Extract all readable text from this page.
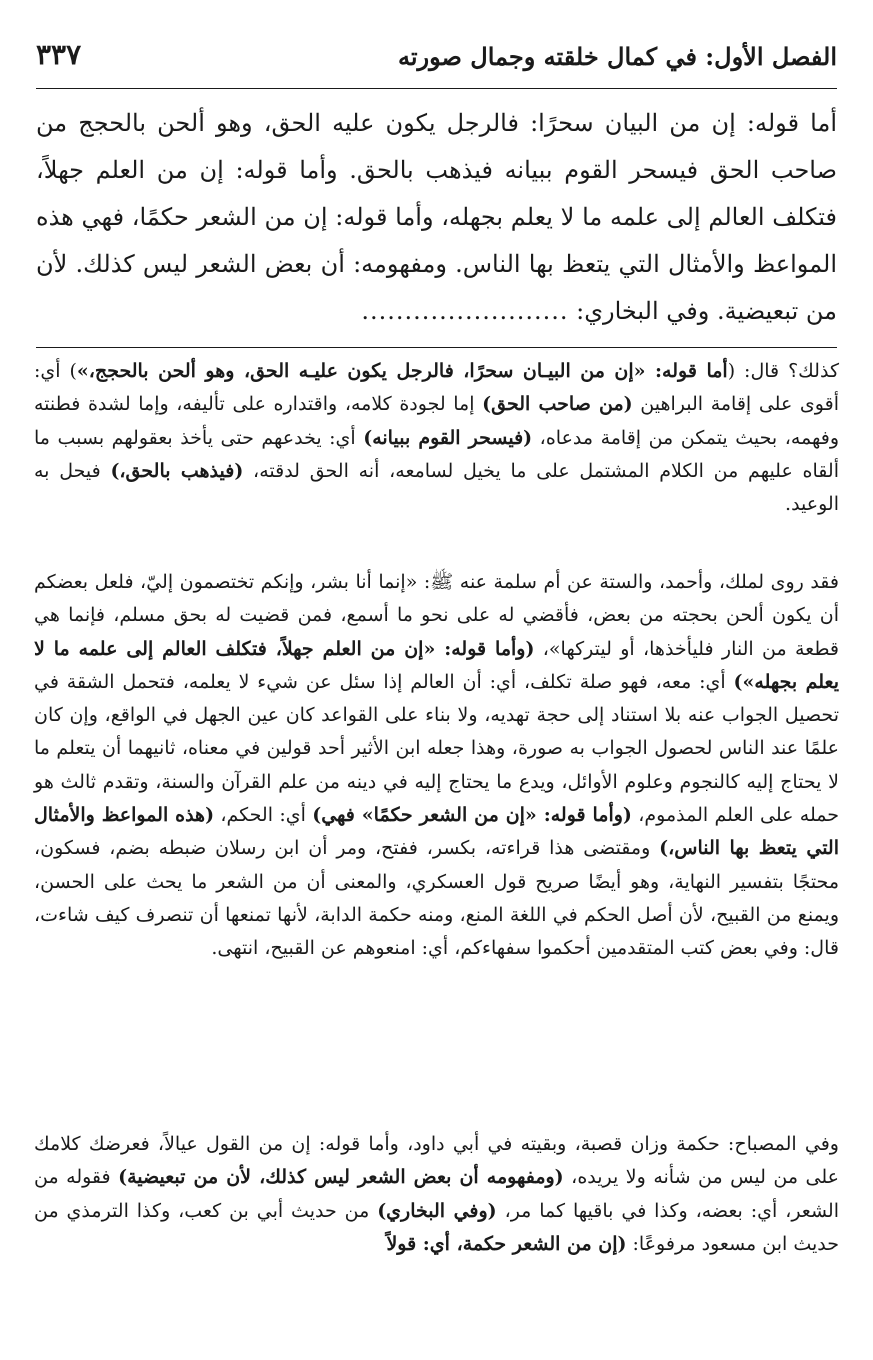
الفصل الأول: في كمال خلقته وجمال صورته
٣٣٧

أما قوله: إن من البيان سحرًا: فالرجل يكون عليه الحق، وهو ألحن بالحجج من صاحب الحق فيسحر القوم ببيانه فيذهب بالحق. وأما قوله: إن من العلم جهلاً، فتكلف العالم إلى علمه ما لا يعلم بجهله، وأما قوله: إن من الشعر حكمًا، فهي هذه المواعظ والأمثال التي يتعظ بها الناس. ومفهومه: أن بعض الشعر ليس كذلك. لأن من تبعيضية. وفي البخاري: ........................

كذلك؟ قال: (أما قوله: «إن من البيـان سحرًا، فالرجل يكون عليـه الحق، وهو ألحن بالحجج،») أي: أقوى على إقامة البراهين (من صاحب الحق) إما لجودة كلامه، واقتداره على تأليفه، وإما لشدة فطنته وفهمه، بحيث يتمكن من إقامة مدعاه، (فيسحر القوم ببيانه) أي: يخدعهم حتى يأخذ بعقولهم بسبب ما ألقاه عليهم من الكلام المشتمل على ما يخيل لسامعه، أنه الحق لدقته، (فيذهب بالحق،) فيحل به الوعيد.

فقد روى لملك، وأحمد، والستة عن أم سلمة عنه ﷺ: «إنما أنا بشر، وإنكم تختصمون إليّ، فلعل بعضكم أن يكون ألحن بحجته من بعض، فأقضي له على نحو ما أسمع، فمن قضيت له بحق مسلم، فإنما هي قطعة من النار فليأخذها، أو ليتركها»، (وأما قوله: «إن من العلم جهلاً، فتكلف العالم إلى علمه ما لا يعلم بجهله») أي: معه، فهو صلة تكلف، أي: أن العالم إذا سئل عن شيء لا يعلمه، فتحمل الشقة في تحصيل الجواب عنه بلا استناد إلى حجة تهديه، ولا بناء على القواعد كان عين الجهل في الواقع، وإن كان علمًا عند الناس لحصول الجواب به صورة، وهذا جعله ابن الأثير أحد قولين في معناه، ثانيهما أن يتعلم ما لا يحتاج إليه كالنجوم وعلوم الأوائل، ويدع ما يحتاج إليه في دينه من علم القرآن والسنة، وتقدم ثالث هو حمله على العلم المذموم، (وأما قوله: «إن من الشعر حكمًا» فهي) أي: الحكم، (هذه المواعظ والأمثال التي يتعظ بها الناس،) ومقتضى هذا قراءته، بكسر، ففتح، ومر أن ابن رسلان ضبطه بضم، فسكون، محتجًا بتفسير النهاية، وهو أيضًا صريح قول العسكري، والمعنى أن من الشعر ما يحث على الحسن، ويمنع من القبيح، لأن أصل الحكم في اللغة المنع، ومنه حكمة الدابة، لأنها تمنعها أن تنصرف كيف شاءت، قال: وفي بعض كتب المتقدمين أحكموا سفهاءكم، أي: امنعوهم عن القبيح، انتهى.

وفي المصباح: حكمة وزان قصبة، وبقيته في أبي داود، وأما قوله: إن من القول عيالاً، فعرضك كلامك على من ليس من شأنه ولا يريده، (ومفهومه أن بعض الشعر ليس كذلك، لأن من تبعيضية) فقوله من الشعر، أي: بعضه، وكذا في باقيها كما مر، (وفي البخاري) من حديث أبي بن كعب، وكذا الترمذي من حديث ابن مسعود مرفوعًا: (إن من الشعر حكمة، أي: قولاً
